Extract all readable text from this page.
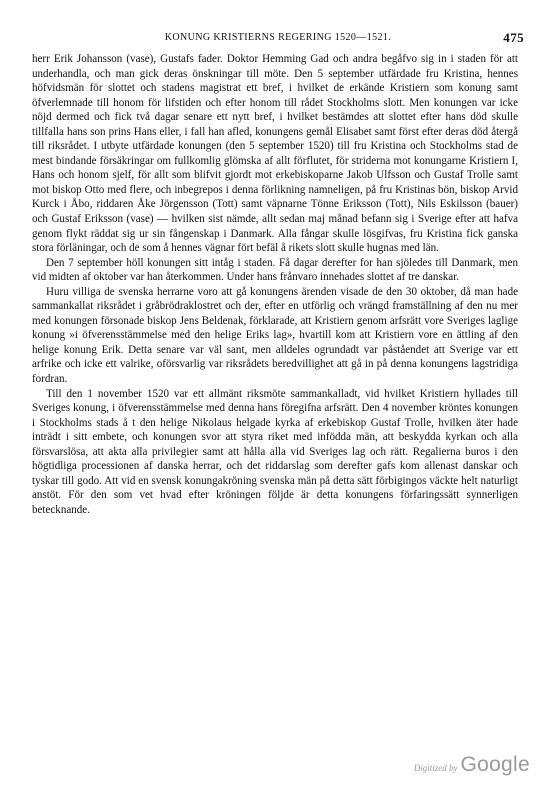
KONUNG KRISTIERNS REGERING 1520—1521.	475

herr Erik Johansson (vase), Gustafs fader. Doktor Hemming Gad och andra begåfvo sig in i staden för att underhandla, och man gick deras önskningar till möte. Den 5 september utfärdade fru Kristina, hennes höfvidsmän för slottet och stadens magistrat ett bref, i hvilket de erkände Kristiern som konung samt öfverlemnade till honom för lifstiden och efter honom till rådet Stockholms slott. Men konungen var icke nöjd dermed och fick två dagar senare ett nytt bref, i hvilket bestämdes att slottet efter hans död skulle tillfalla hans son prins Hans eller, i fall han afled, konungens gemål Elisabet samt först efter deras död återgå till riksrådet. I utbyte utfärdade konungen (den 5 september 1520) till fru Kristina och Stockholms stad de mest bindande försäkringar om fullkomlig glömska af allt förflutet, för striderna mot konungarne Kristiern I, Hans och honom sjelf, för allt som blifvit gjordt mot erkebiskoparne Jakob Ulfsson och Gustaf Trolle samt mot biskop Otto med flere, och inbegrepos i denna förlikning namneligen, på fru Kristinas bön, biskop Arvid Kurck i Åbo, riddaren Åke Jörgensson (Tott) samt väpnarne Tönne Eriksson (Tott), Nils Eskilsson (bauer) och Gustaf Eriksson (vase) — hvilken sist nämde, allt sedan maj månad befann sig i Sverige efter att hafva genom flykt räddat sig ur sin fångenskap i Danmark. Alla fångar skulle lösgifvas, fru Kristina fick ganska stora förläningar, och de som å hennes vägnar fört befäl å rikets slott skulle hugnas med län.

Den 7 september höll konungen sitt intåg i staden. Få dagar derefter for han sjöledes till Danmark, men vid midten af oktober var han återkommen. Under hans frånvaro innehades slottet af tre danskar.

Huru villiga de svenska herrarne voro att gå konungens ärenden visade de den 30 oktober, då man hade sammankallat riksrådet i gråbrödraklostret och der, efter en utförlig och vrängd framställning af den nu mer med konungen försonade biskop Jens Beldenak, förklarade, att Kristiern genom arfsrätt vore Sveriges laglige konung »i öfverensstämmelse med den helige Eriks lag», hvartill kom att Kristiern vore en ättling af den helige konung Erik. Detta senare var väl sant, men alldeles ogrundadt var påståendet att Sverige var ett arfrike och icke ett valrike, oförsvarlig var riksrådets beredvillighet att gå in på denna konungens lagstridiga fordran.

Till den 1 november 1520 var ett allmänt riksmöte sammankalladt, vid hvilket Kristiern hyllades till Sveriges konung, i öfverensstämmelse med denna hans föregifna arfsrätt. Den 4 november kröntes konungen i Stockholms stads å t den helige Nikolaus helgade kyrka af erkebiskop Gustaf Trolle, hvilken äter hade inträdt i sitt embete, och konungen svor att styra riket med infödda män, att beskydda kyrkan och alla försvarslösa, att akta alla privilegier samt att hålla alla vid Sveriges lag och rätt. Regalierna buros i den högtidliga processionen af danska herrar, och det riddarslag som derefter gafs kom allenast danskar och tyskar till godo. Att vid en svensk konungakröning svenska män på detta sätt förbigingos väckte helt naturligt anstöt. För den som vet hvad efter kröningen följde är detta konungens förfaringssätt synnerligen betecknande.

Digitized by Google
